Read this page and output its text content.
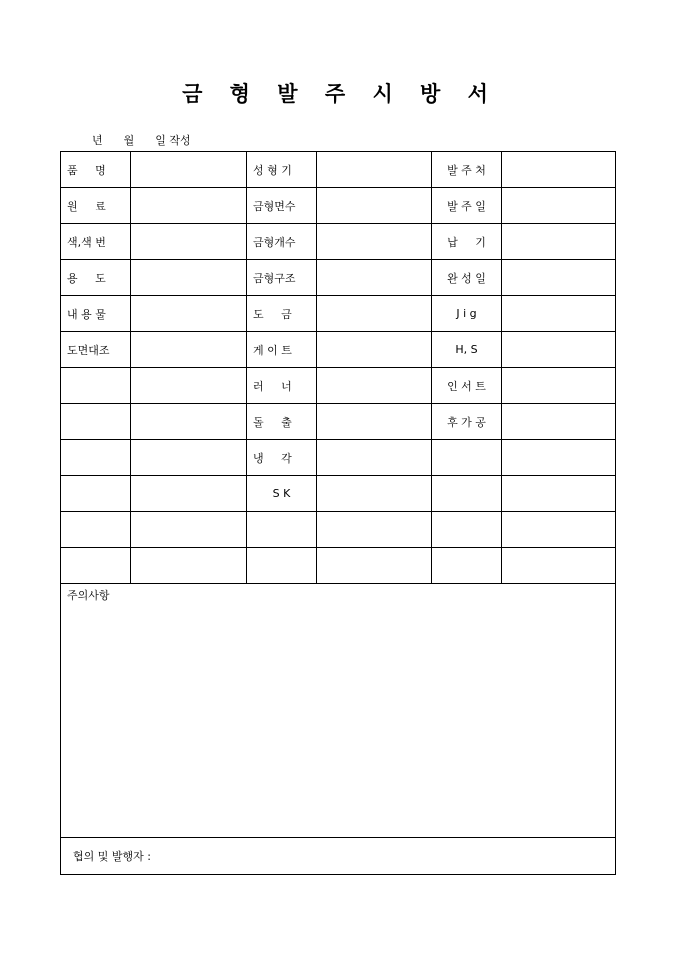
금 형 발 주 시 방 서
년      월      일 작성
품     명		성 형 기		발 주 처	
원     료		금형면수		발 주 일	
색,색 번		금형개수		납     기	
용     도		금형구조		완 성 일	
내 용 물		도     금		J i g	
도면대조		게 이 트		H, S	
		러     너		인 서 트	
		돌     출		후 가 공	
		냉     각			
		S K			

주의사항					
협의 및 발행자 :					
